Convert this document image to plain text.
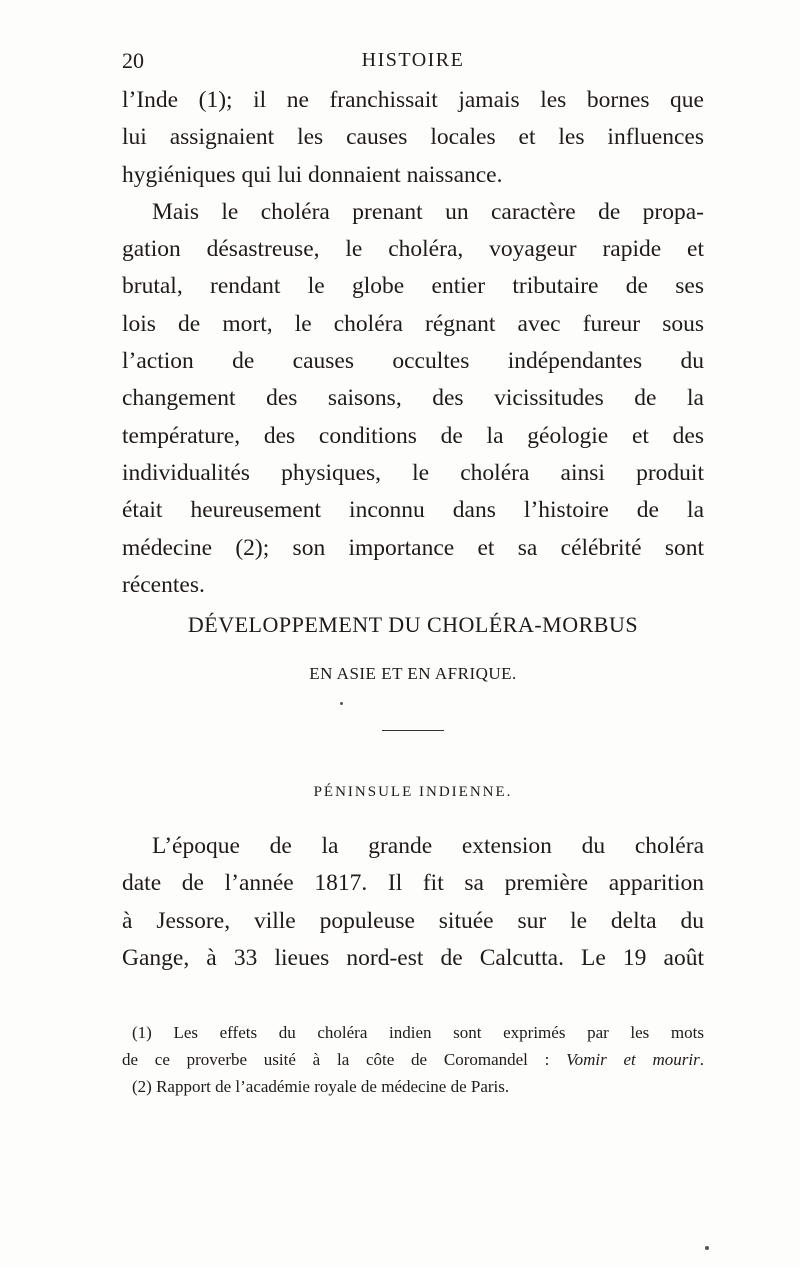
20	HISTOIRE
l’Inde (1); il ne franchissait jamais les bornes que
lui assignaient les causes locales et les influences
hygiéniques qui lui donnaient naissance.
Mais le choléra prenant un caractère de propa-
gation désastreuse, le choléra, voyageur rapide et
brutal, rendant le globe entier tributaire de ses
lois de mort, le choléra régnant avec fureur sous
l’action de causes occultes indépendantes du
changement des saisons, des vicissitudes de la
température, des conditions de la géologie et des
individualités physiques, le choléra ainsi produit
était heureusement inconnu dans l’histoire de la
médecine (2); son importance et sa célébrité sont
récentes.
DÉVELOPPEMENT DU CHOLÉRA-MORBUS
EN ASIE ET EN AFRIQUE.
PÉNINSULE INDIENNE.
L’époque de la grande extension du choléra
date de l’année 1817. Il fit sa première apparition
à Jessore, ville populeuse située sur le delta du
Gange, à 33 lieues nord-est de Calcutta. Le 19 août
(1) Les effets du choléra indien sont exprimés par les mots
de ce proverbe usité à la côte de Coromandel : Vomir et mourir.
(2) Rapport de l’académie royale de médecine de Paris.
